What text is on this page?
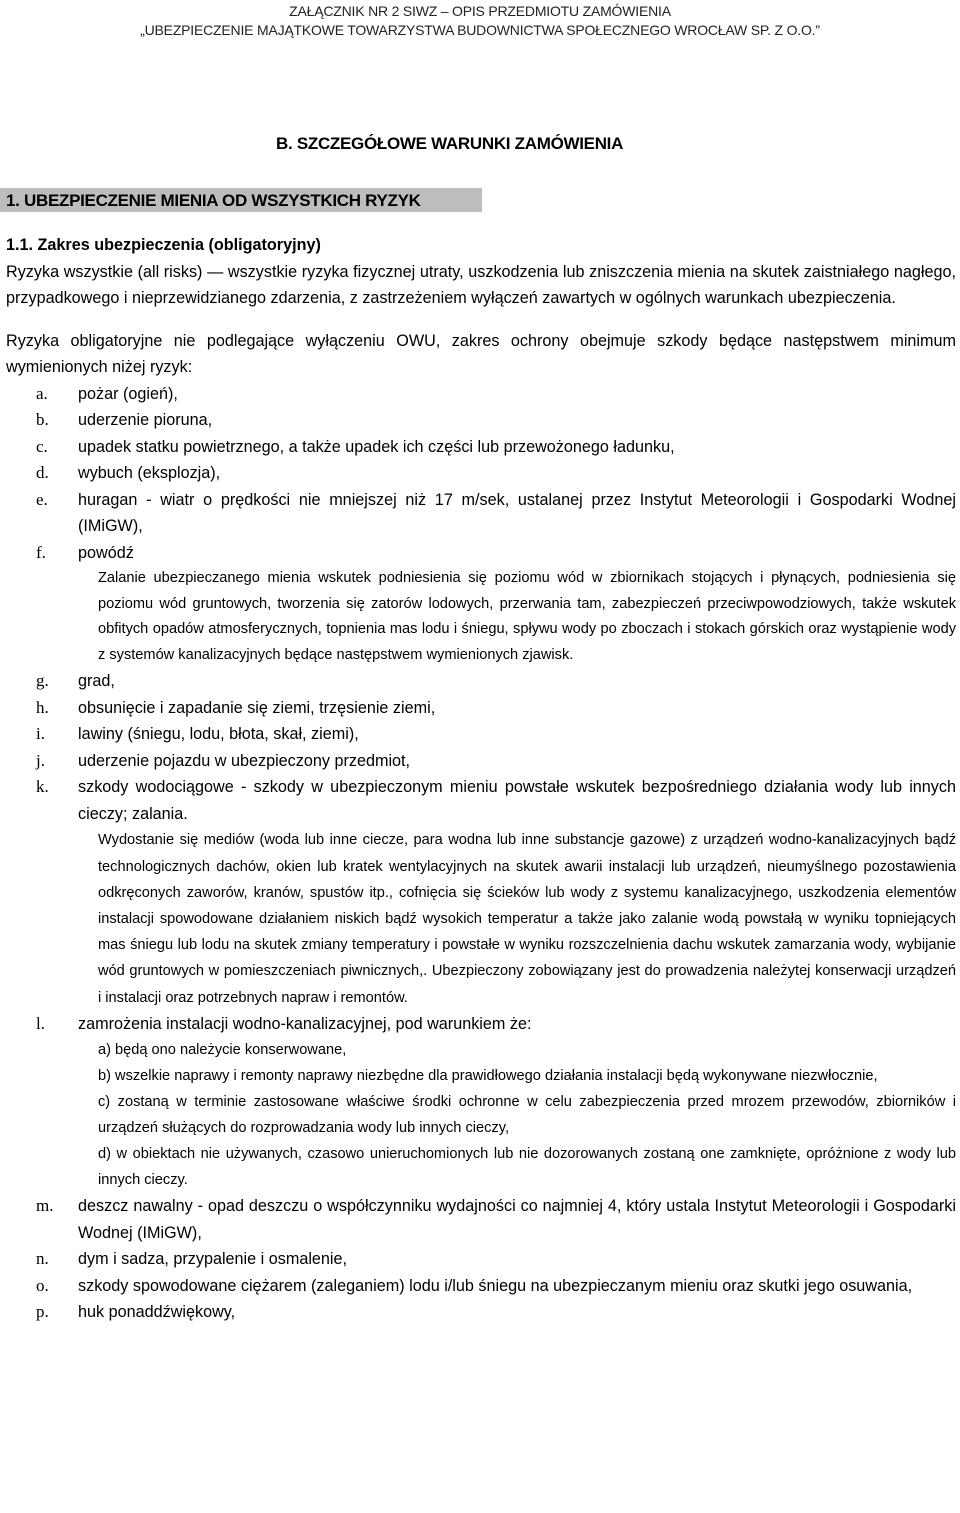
ZAŁĄCZNIK NR 2 SIWZ – OPIS PRZEDMIOTU ZAMÓWIENIA
„UBEZPIECZENIE MAJĄTKOWE TOWARZYSTWA BUDOWNICTWA SPOŁECZNEGO WROCŁAW SP. Z O.O.”
B. SZCZEGÓŁOWE WARUNKI ZAMÓWIENIA
1. UBEZPIECZENIE MIENIA OD WSZYSTKICH RYZYK
1.1. Zakres ubezpieczenia (obligatoryjny)

Ryzyka wszystkie (all risks) — wszystkie ryzyka fizycznej utraty, uszkodzenia lub zniszczenia mienia na skutek zaistniałego nagłego, przypadkowego i nieprzewidzianego zdarzenia, z zastrzeżeniem wyłączeń zawartych w ogólnych warunkach ubezpieczenia.

Ryzyka obligatoryjne nie podlegające wyłączeniu OWU, zakres ochrony obejmuje szkody będące następstwem minimum wymienionych niżej ryzyk:

a. pożar (ogień),
b. uderzenie pioruna,
c. upadek statku powietrznego, a także upadek ich części lub przewożonego ładunku,
d. wybuch (eksplozja),
e. huragan - wiatr o prędkości nie mniejszej niż 17 m/sek, ustalanej przez Instytut Meteorologii i Gospodarki Wodnej (IMiGW),
f. powódź
Zalanie ubezpieczanego mienia wskutek podniesienia się poziomu wód w zbiornikach stojących i płynących, podniesienia się poziomu wód gruntowych, tworzenia się zatorów lodowych, przerwania tam, zabezpieczeń przeciwpowodziowych, także wskutek obfitych opadów atmosferycznych, topnienia mas lodu i śniegu, spływu wody po zboczach i stokach górskich oraz wystąpienie wody z systemów kanalizacyjnych będące następstwem wymienionych zjawisk.
g. grad,
h. obsunięcie i zapadanie się ziemi, trzęsienie ziemi,
i. lawiny (śniegu, lodu, błota, skał, ziemi),
j. uderzenie pojazdu w ubezpieczony przedmiot,
k. szkody wodociągowe - szkody w ubezpieczonym mieniu powstałe wskutek bezpośredniego działania wody lub innych cieczy; zalania.
Wydostanie się mediów (woda lub inne ciecze, para wodna lub inne substancje gazowe) z urządzeń wodno-kanalizacyjnych bądź technologicznych dachów, okien lub kratek wentylacyjnych na skutek awarii instalacji lub urządzeń, nieumyślnego pozostawienia odkręconych zaworów, kranów, spustów itp., cofnięcia się ścieków lub wody z systemu kanalizacyjnego, uszkodzenia elementów instalacji spowodowane działaniem niskich bądź wysokich temperatur a także jako zalanie wodą powstałą w wyniku topniejących mas śniegu lub lodu na skutek zmiany temperatury i powstałe w wyniku rozszczelnienia dachu wskutek zamarzania wody, wybijanie wód gruntowych w pomieszczeniach piwnicznych,. Ubezpieczony zobowiązany jest do prowadzenia należytej konserwacji urządzeń i instalacji oraz potrzebnych napraw i remontów.
l. zamrożenia instalacji wodno-kanalizacyjnej, pod warunkiem że:
a) będą ono należycie konserwowane,
b) wszelkie naprawy i remonty naprawy niezbędne dla prawidłowego działania instalacji będą wykonywane niezwłocznie,
c) zostaną w terminie zastosowane właściwe środki ochronne w celu zabezpieczenia przed mrozem przewodów, zbiorników i urządzeń służących do rozprowadzania wody lub innych cieczy,
d) w obiektach nie używanych, czasowo unieruchomionych lub nie dozorowanych zostaną one zamknięte, opróżnione z wody lub innych cieczy.
m. deszcz nawalny - opad deszczu o współczynniku wydajności co najmniej 4, który ustala Instytut Meteorologii i Gospodarki Wodnej (IMiGW),
n. dym i sadza, przypalenie i osmalenie,
o. szkody spowodowane ciężarem (zaleganiem) lodu i/lub śniegu na ubezpieczanym mieniu oraz skutki jego osuwania,
p. huk ponaddźwiękowy,
